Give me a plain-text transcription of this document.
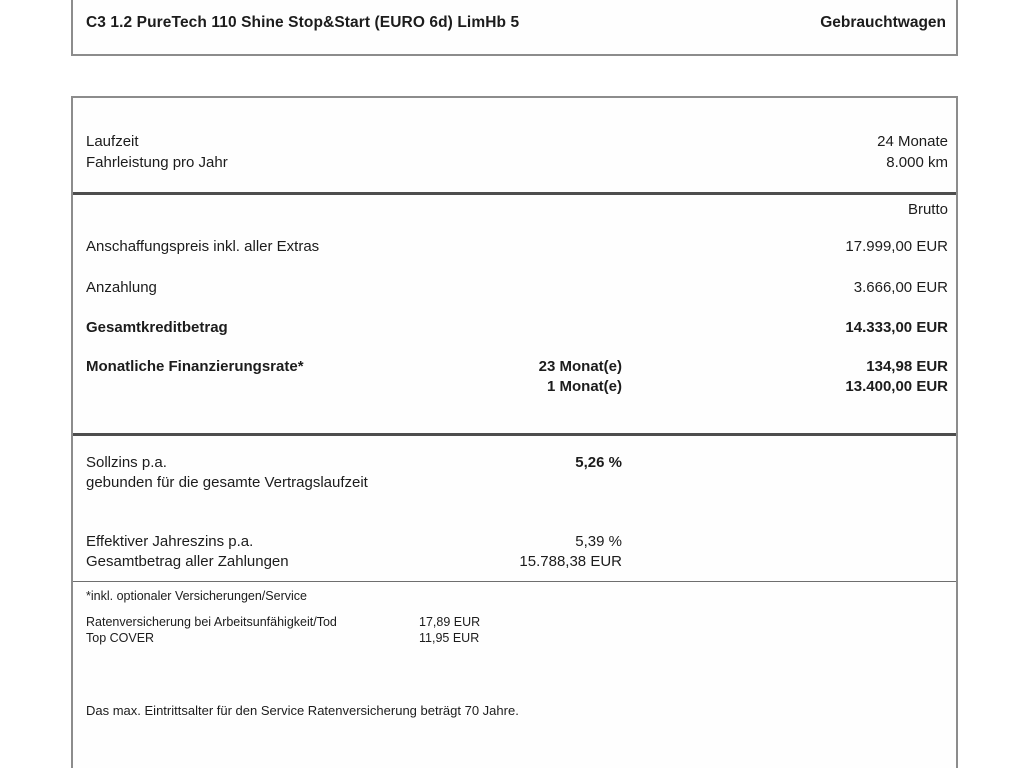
C3 1.2 PureTech 110 Shine Stop&Start (EURO 6d) LimHb 5	Gebrauchtwagen
Laufzeit	24 Monate
Fahrleistung pro Jahr	8.000 km
Brutto
Anschaffungspreis inkl. aller Extras	17.999,00 EUR
Anzahlung	3.666,00 EUR
Gesamtkreditbetrag	14.333,00 EUR
Monatliche Finanzierungsrate*	23 Monat(e)	134,98 EUR
1 Monat(e)	13.400,00 EUR
Sollzins p.a.	5,26 %
gebunden für die gesamte Vertragslaufzeit
Effektiver Jahreszins p.a.	5,39 %
Gesamtbetrag aller Zahlungen	15.788,38 EUR
*inkl. optionaler Versicherungen/Service
Ratenversicherung bei Arbeitsunfähigkeit/Tod	17,89 EUR
Top COVER	11,95 EUR
Das max. Eintrittsalter für den Service Ratenversicherung beträgt 70 Jahre.
